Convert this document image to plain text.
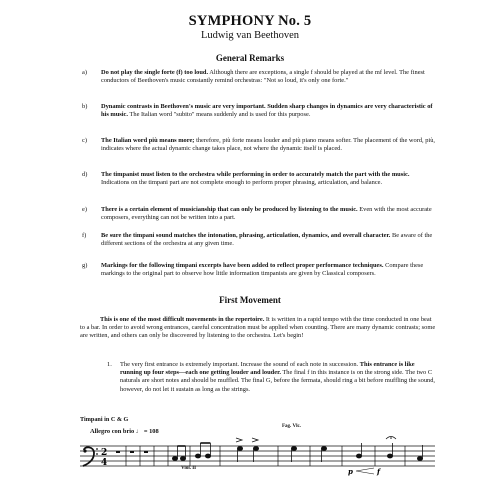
SYMPHONY No. 5
Ludwig van Beethoven
General Remarks
a) Do not play the single forte (f) too loud. Although there are exceptions, a single f should be played at the mf level. The finest conductors of Beethoven's music constantly remind orchestras: "Not so loud, it's only one forte."
b) Dynamic contrasts in Beethoven's music are very important. Sudden sharp changes in dynamics are very characteristic of his music. The Italian word "subito" means suddenly and is used for this purpose.
c) The Italian word più means more; therefore, più forte means louder and più piano means softer. The placement of the word, più, indicates where the actual dynamic change takes place, not where the dynamic itself is placed.
d) The timpanist must listen to the orchestra while performing in order to accurately match the part with the music. Indications on the timpani part are not complete enough to perform proper phrasing, articulation, and balance.
e) There is a certain element of musicianship that can only be produced by listening to the music. Even with the most accurate composers, everything can not be written into a part.
f) Be sure the timpani sound matches the intonation, phrasing, articulation, dynamics, and overall character. Be aware of the different sections of the orchestra at any given time.
g) Markings for the following timpani excerpts have been added to reflect proper performance techniques. Compare these markings to the original part to observe how little information timpanists are given by Classical composers.
First Movement
This is one of the most difficult movements in the repertoire. It is written in a rapid tempo with the time conducted in one beat to a bar. In order to avoid wrong entrances, careful concentration must be applied when counting. There are many dynamic contrasts; some are written, and others can only be discovered by listening to the orchestra. Let's begin!
1. The very first entrance is extremely important. Increase the sound of each note in succession. This entrance is like running up four steps—each one getting louder and louder. The final f in this instance is on the strong side. The two C naturals are short notes and should be muffled. The final G, before the fermata, should ring a bit before muffling the sound, however, do not let it sustain as long as the strings.
Timpani in C & G
Allegro con brio ♩ = 108
Fag. Vlc.
Viol. II
2
4
p	f
